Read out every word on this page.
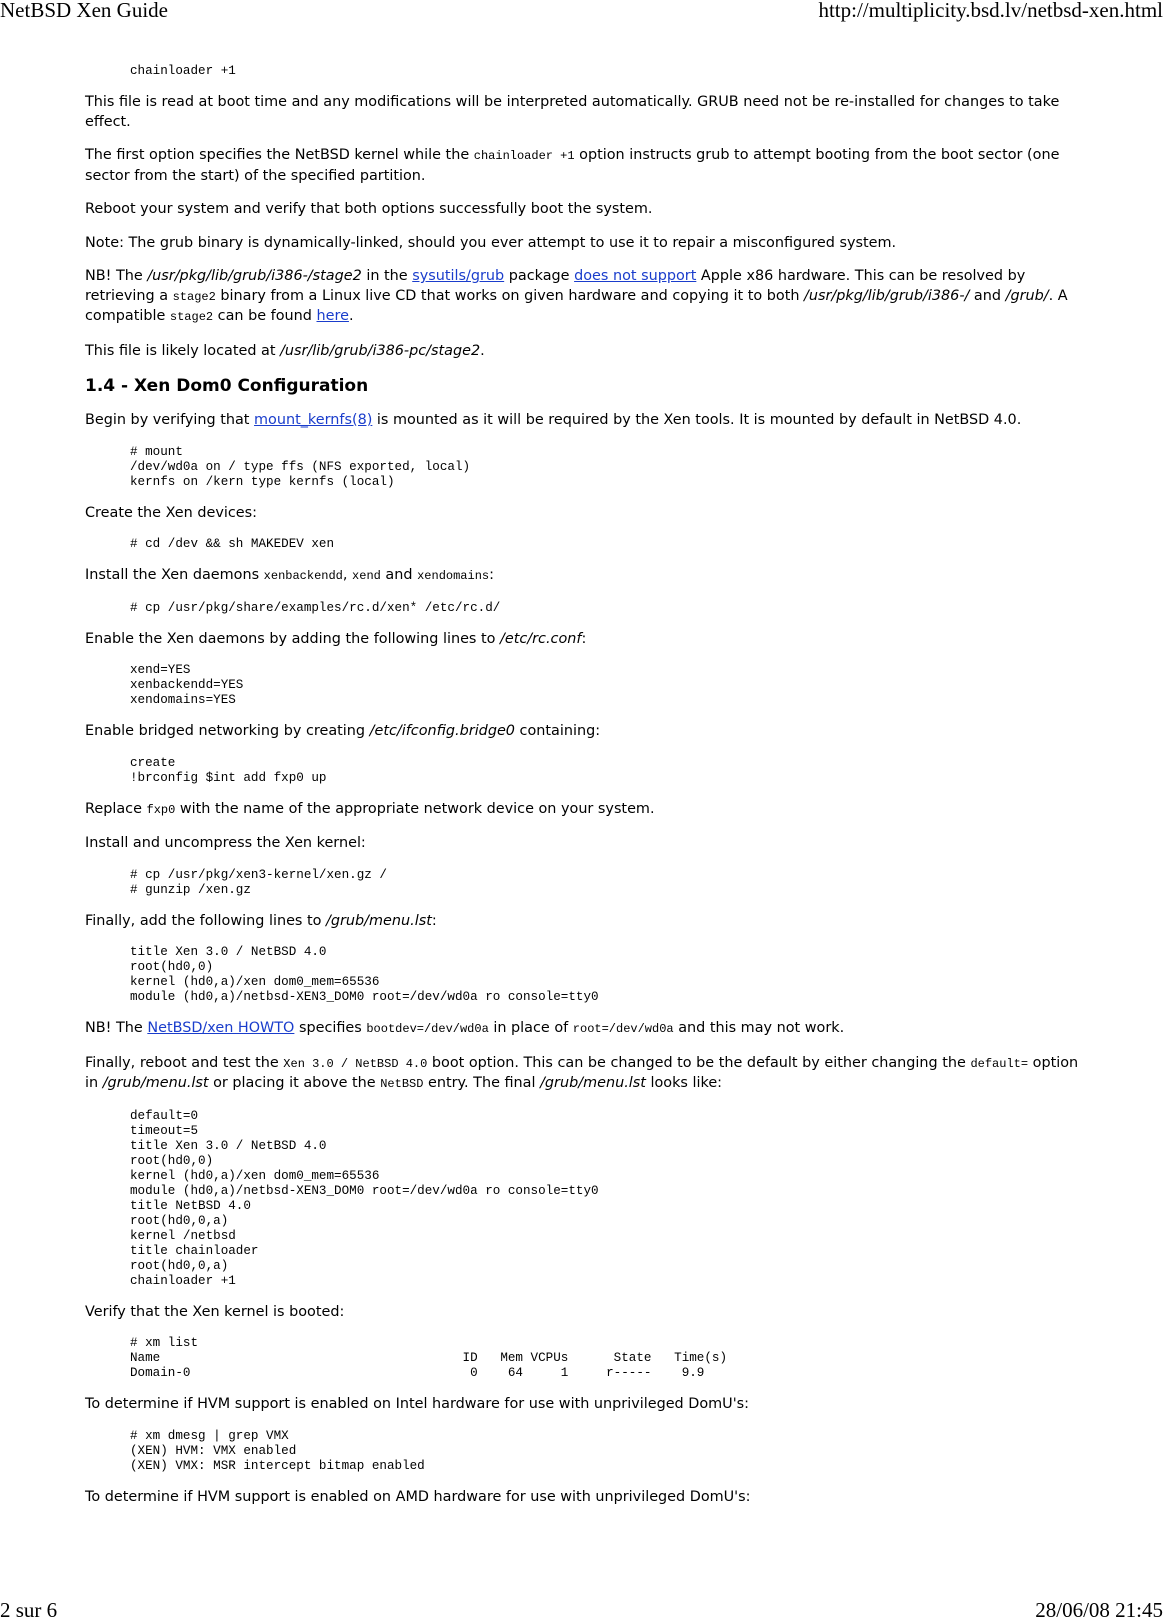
NetBSD Xen Guide	http://multiplicity.bsd.lv/netbsd-xen.html
chainloader +1

This file is read at boot time and any modifications will be interpreted automatically. GRUB need not be re-installed for changes to take effect.

The first option specifies the NetBSD kernel while the chainloader +1 option instructs grub to attempt booting from the boot sector (one sector from the start) of the specified partition.

Reboot your system and verify that both options successfully boot the system.

Note: The grub binary is dynamically-linked, should you ever attempt to use it to repair a misconfigured system.

NB! The /usr/pkg/lib/grub/i386-/stage2 in the sysutils/grub package does not support Apple x86 hardware. This can be resolved by retrieving a stage2 binary from a Linux live CD that works on given hardware and copying it to both /usr/pkg/lib/grub/i386-/ and /grub/. A compatible stage2 can be found here.

This file is likely located at /usr/lib/grub/i386-pc/stage2.

1.4 - Xen Dom0 Configuration

Begin by verifying that mount_kernfs(8) is mounted as it will be required by the Xen tools. It is mounted by default in NetBSD 4.0.

# mount
/dev/wd0a on / type ffs (NFS exported, local)
kernfs on /kern type kernfs (local)

Create the Xen devices:

# cd /dev && sh MAKEDEV xen

Install the Xen daemons xenbackendd, xend and xendomains:

# cp /usr/pkg/share/examples/rc.d/xen* /etc/rc.d/

Enable the Xen daemons by adding the following lines to /etc/rc.conf:

xend=YES
xenbackendd=YES
xendomains=YES

Enable bridged networking by creating /etc/ifconfig.bridge0 containing:

create
!brconfig $int add fxp0 up

Replace fxp0 with the name of the appropriate network device on your system.

Install and uncompress the Xen kernel:

# cp /usr/pkg/xen3-kernel/xen.gz /
# gunzip /xen.gz

Finally, add the following lines to /grub/menu.lst:

title Xen 3.0 / NetBSD 4.0
root(hd0,0)
kernel (hd0,a)/xen dom0_mem=65536
module (hd0,a)/netbsd-XEN3_DOM0 root=/dev/wd0a ro console=tty0

NB! The NetBSD/xen HOWTO specifies bootdev=/dev/wd0a in place of root=/dev/wd0a and this may not work.

Finally, reboot and test the Xen 3.0 / NetBSD 4.0 boot option. This can be changed to be the default by either changing the default= option in /grub/menu.lst or placing it above the NetBSD entry. The final /grub/menu.lst looks like:

default=0
timeout=5
title Xen 3.0 / NetBSD 4.0
root(hd0,0)
kernel (hd0,a)/xen dom0_mem=65536
module (hd0,a)/netbsd-XEN3_DOM0 root=/dev/wd0a ro console=tty0
title NetBSD 4.0
root(hd0,0,a)
kernel /netbsd
title chainloader
root(hd0,0,a)
chainloader +1

Verify that the Xen kernel is booted:

# xm list
Name                                        ID   Mem VCPUs      State   Time(s)
Domain-0                                     0    64     1     r-----    9.9

To determine if HVM support is enabled on Intel hardware for use with unprivileged DomU's:

# xm dmesg | grep VMX
(XEN) HVM: VMX enabled
(XEN) VMX: MSR intercept bitmap enabled

To determine if HVM support is enabled on AMD hardware for use with unprivileged DomU's:

2 sur 6	28/06/08 21:45
